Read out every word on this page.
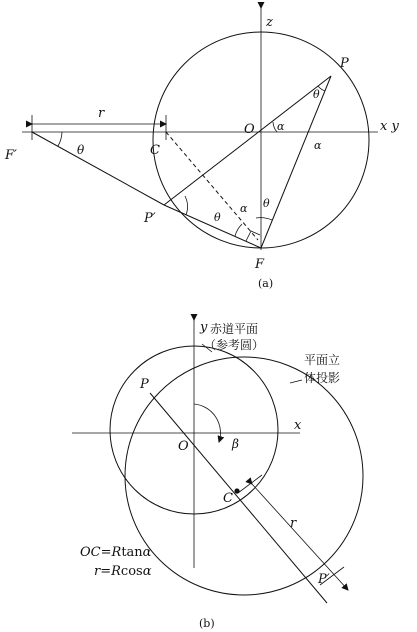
z
x y
P
O
C
F
F′
P′
r
θ
α
θ
α
θ
α
θ
(a)
y
x
P
O
C
P′
r
β
赤道平面
（参考圆）
平面立
体投影
OC=Rtanα
r=Rcosα
(b)
